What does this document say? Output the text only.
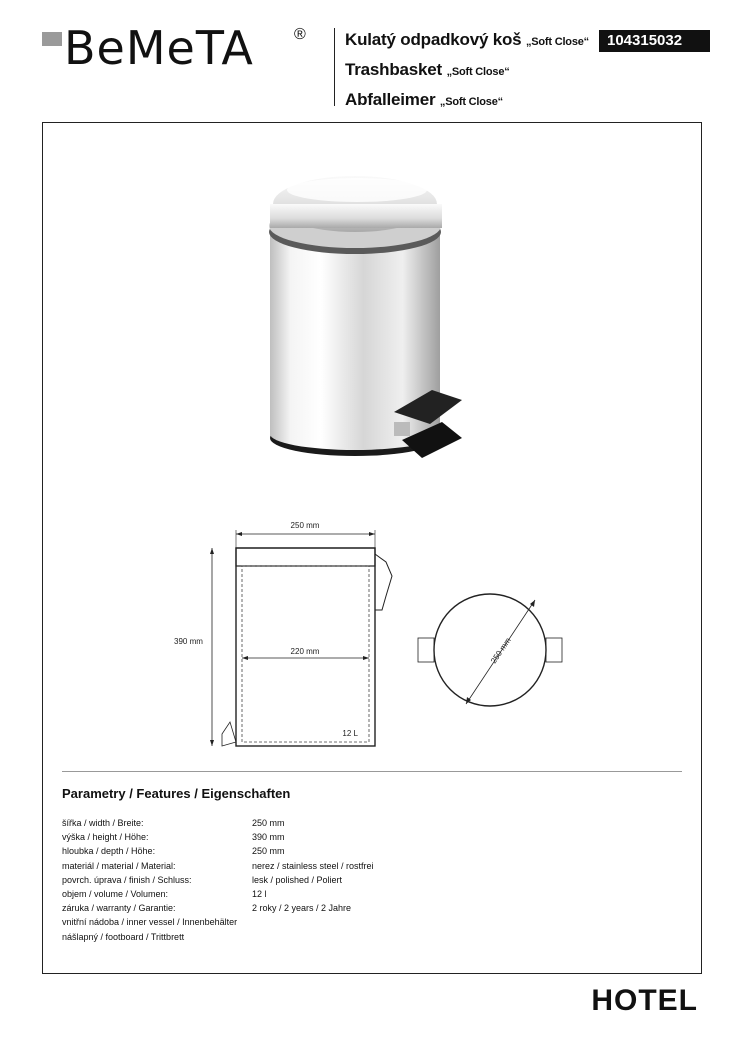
BeMeTA	® Kulatý odpadkový koš „Soft Close“
Trashbasket „Soft Close“
Abfalleimer „Soft Close“
104315032
250 mm
390 mm
220 mm
12 L
250 mm
Parametry / Features / Eigenschaften
šířka / width / Breite:	250 mm
výška / height / Höhe:	390 mm
hloubka / depth / Höhe:	250 mm
materiál / material / Material:	nerez / stainless steel / rostfrei
povrch. úprava / finish / Schluss:	lesk / polished / Poliert
objem / volume / Volumen:	12 l
záruka / warranty / Garantie:	2 roky / 2 years / 2 Jahre
vnitřní nádoba / inner vessel / Innenbehälter
nášlapný / footboard / Trittbrett
HOTEL
